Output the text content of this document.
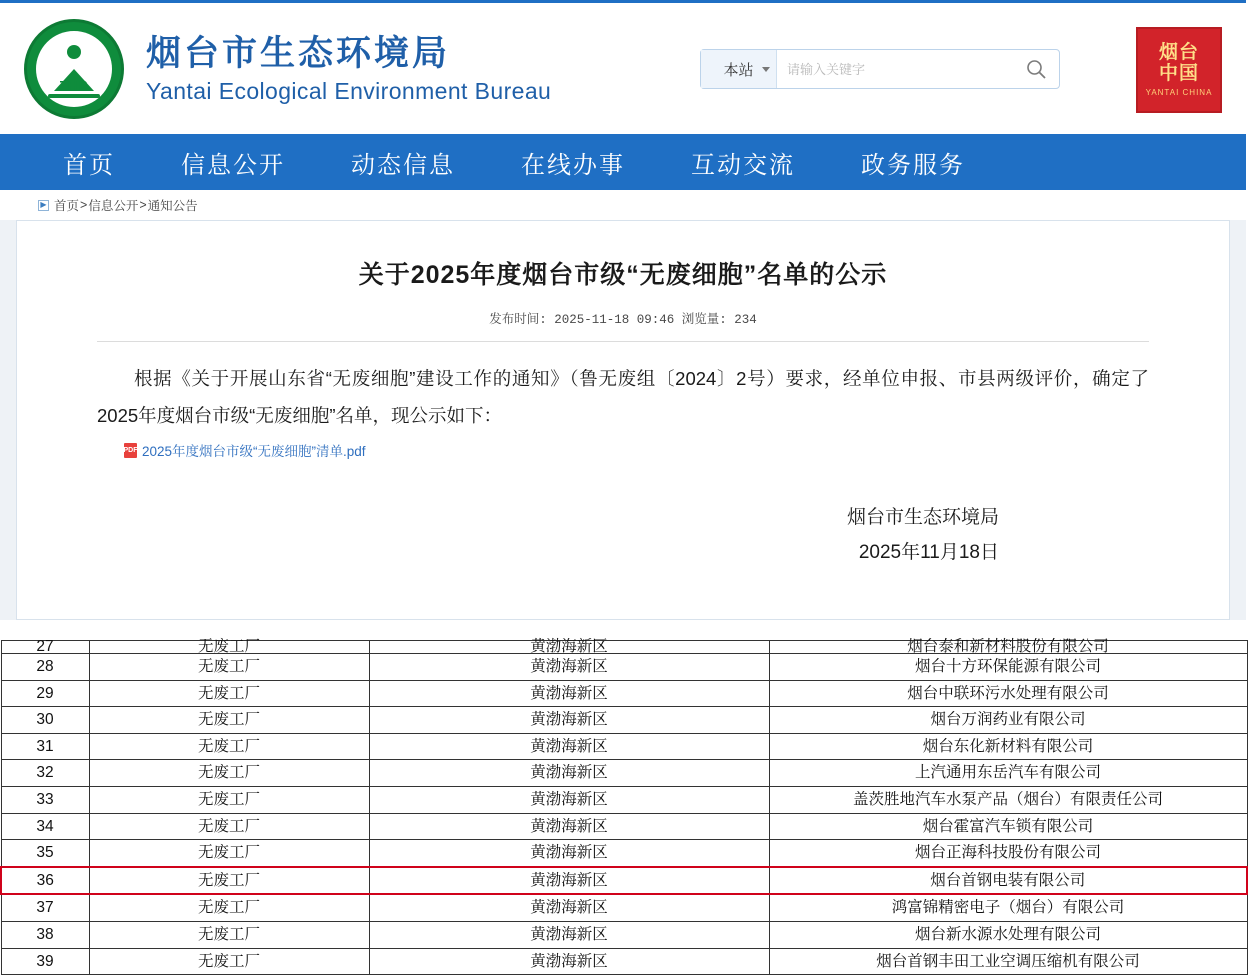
ZHB
烟台市生态环境局
Yantai Ecological Environment Bureau
本站
请输入关键字
烟台
中国
YANTAI CHINA
首页	信息公开	动态信息	在线办事	互动交流	政务服务
▶ 首页 > 信息公开 > 通知公告
关于2025年度烟台市级“无废细胞”名单的公示
发布时间: 2025-11-18 09:46 浏览量: 234
根据《关于开展山东省“无废细胞”建设工作的通知》（鲁无废组〔2024〕2号）要求，经单位申报、市县两级评价，确定了2025年度烟台市级“无废细胞”名单，现公示如下：
PDF 2025年度烟台市级“无废细胞”清单.pdf
烟台市生态环境局
2025年11月18日
27	无废工厂	黄渤海新区	烟台泰和新材料股份有限公司
28	无废工厂	黄渤海新区	烟台十方环保能源有限公司
29	无废工厂	黄渤海新区	烟台中联环污水处理有限公司
30	无废工厂	黄渤海新区	烟台万润药业有限公司
31	无废工厂	黄渤海新区	烟台东化新材料有限公司
32	无废工厂	黄渤海新区	上汽通用东岳汽车有限公司
33	无废工厂	黄渤海新区	盖茨胜地汽车水泵产品（烟台）有限责任公司
34	无废工厂	黄渤海新区	烟台霍富汽车锁有限公司
35	无废工厂	黄渤海新区	烟台正海科技股份有限公司
36	无废工厂	黄渤海新区	烟台首钢电装有限公司
37	无废工厂	黄渤海新区	鸿富锦精密电子（烟台）有限公司
38	无废工厂	黄渤海新区	烟台新水源水处理有限公司
39	无废工厂	黄渤海新区	烟台首钢丰田工业空调压缩机有限公司
